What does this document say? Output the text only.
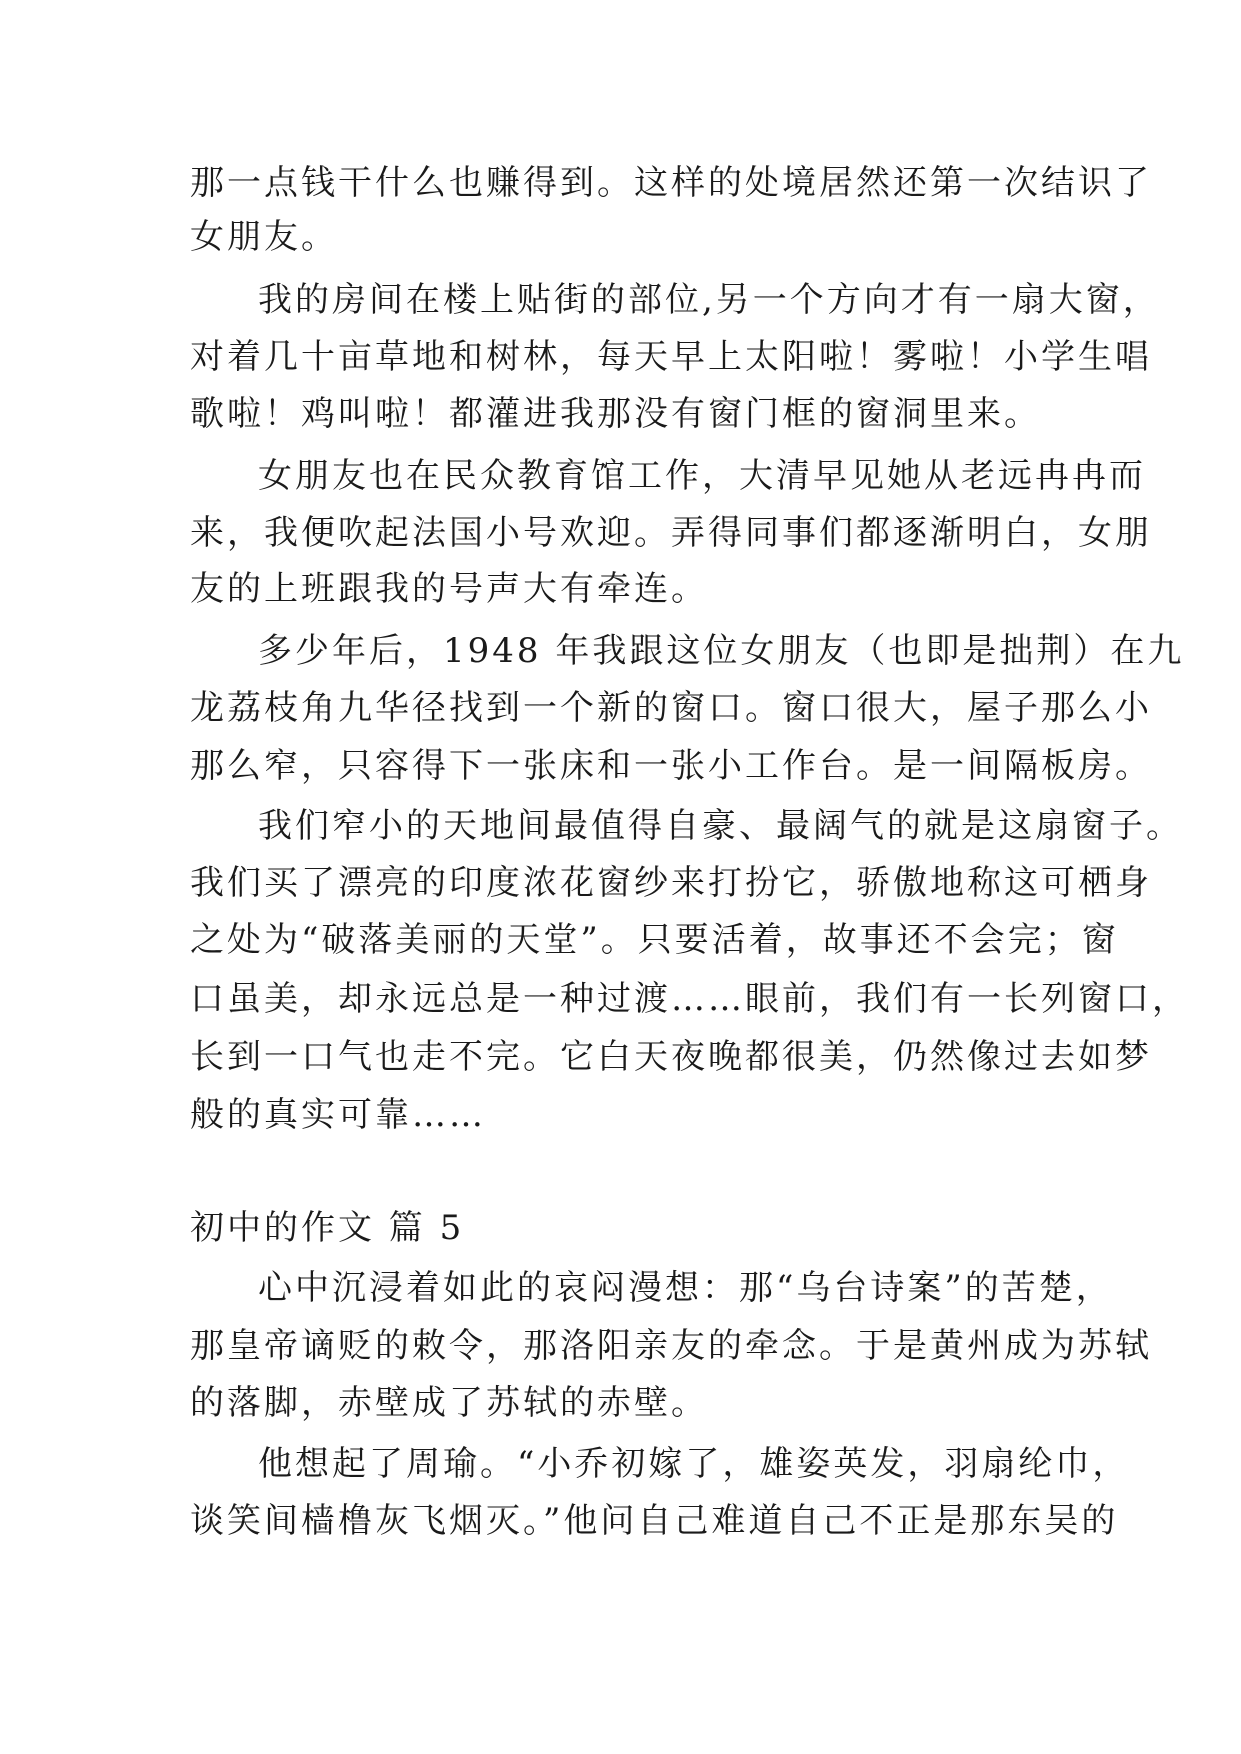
那一点钱干什么也赚得到。这样的处境居然还第一次结识了
女朋友。
我的房间在楼上贴街的部位,另一个方向才有一扇大窗，
对着几十亩草地和树林，每天早上太阳啦！雾啦！小学生唱
歌啦！鸡叫啦！都灌进我那没有窗门框的窗洞里来。
女朋友也在民众教育馆工作，大清早见她从老远冉冉而
来，我便吹起法国小号欢迎。弄得同事们都逐渐明白，女朋
友的上班跟我的号声大有牵连。
多少年后，1948 年我跟这位女朋友（也即是拙荆）在九
龙荔枝角九华径找到一个新的窗口。窗口很大，屋子那么小
那么窄，只容得下一张床和一张小工作台。是一间隔板房。
我们窄小的天地间最值得自豪、最阔气的就是这扇窗子。
我们买了漂亮的印度浓花窗纱来打扮它，骄傲地称这可栖身
之处为“破落美丽的天堂”。只要活着，故事还不会完；窗
口虽美，却永远总是一种过渡……眼前，我们有一长列窗口，
长到一口气也走不完。它白天夜晚都很美，仍然像过去如梦
般的真实可靠……
初中的作文 篇 5
心中沉浸着如此的哀闷漫想：那“乌台诗案”的苦楚，
那皇帝谪贬的敕令，那洛阳亲友的牵念。于是黄州成为苏轼
的落脚，赤壁成了苏轼的赤壁。
他想起了周瑜。“小乔初嫁了，雄姿英发，羽扇纶巾，
谈笑间樯橹灰飞烟灭。”他问自己难道自己不正是那东吴的
